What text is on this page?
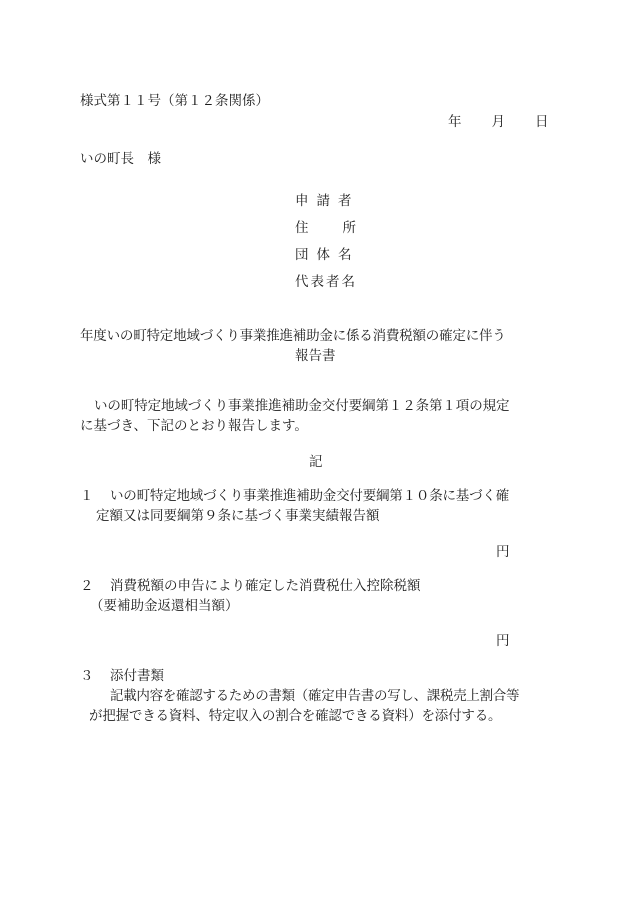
様式第１１号（第１２条関係）
年 月 日
いの町長　様
申請者
住所
団体名
代表者名
年度いの町特定地域づくり事業推進補助金に係る消費税額の確定に伴う
報告書
いの町特定地域づくり事業推進補助金交付要綱第１２条第１項の規定
に基づき、下記のとおり報告します。
記
１ いの町特定地域づくり事業推進補助金交付要綱第１０条に基づく確
定額又は同要綱第９条に基づく事業実績報告額
円
２ 消費税額の申告により確定した消費税仕入控除税額
（要補助金返還相当額）
円
３ 添付書類
記載内容を確認するための書類（確定申告書の写し、課税売上割合等
が把握できる資料、特定収入の割合を確認できる資料）を添付する。
